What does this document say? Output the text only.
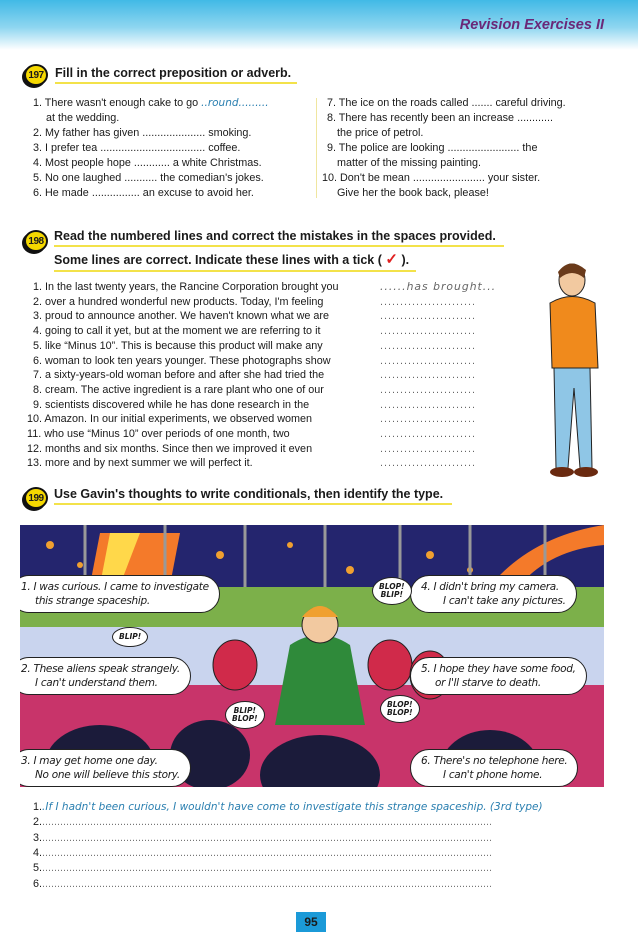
Revision Exercises II
197 Fill in the correct preposition or adverb.
1. There wasn't enough cake to go ..round.........
at the wedding.
2. My father has given ..................... smoking.
3. I prefer tea ................................... coffee.
4. Most people hope ............ a white Christmas.
5. No one laughed ........... the comedian's jokes.
6. He made ................ an excuse to avoid her.
7. The ice on the roads called ....... careful driving.
8. There has recently been an increase ............
the price of petrol.
9. The police are looking ........................ the
matter of the missing painting.
10. Don't be mean ........................ your sister.
Give her the book back, please!
198 Read the numbered lines and correct the mistakes in the spaces provided.
Some lines are correct. Indicate these lines with a tick ( ✓ ).
1. In the last twenty years, the Rancine Corporation brought you
2. over a hundred wonderful new products. Today, I'm feeling
3. proud to announce another. We haven't known what we are
4. going to call it yet, but at the moment we are referring to it
5. like “Minus 10”. This is because this product will make any
6. woman to look ten years younger. These photographs show
7. a sixty-years-old woman before and after she had tried the
8. cream. The active ingredient is a rare plant who one of our
9. scientists discovered while he has done research in the
10. Amazon. In our initial experiments, we observed women
11. who use “Minus 10” over periods of one month, two
12. months and six months. Since then we improved it even
13. more and by next summer we will perfect it.
......has brought...
........................
........................
........................
........................
........................
........................
........................
........................
........................
........................
........................
........................
199 Use Gavin's thoughts to write conditionals, then identify the type.
1. I was curious. I came to investigate
this strange spaceship.
2. These aliens speak strangely.
I can't understand them.
3. I may get home one day.
No one will believe this story.
4. I didn't bring my camera.
I can't take any pictures.
5. I hope they have some food,
or I'll starve to death.
6. There's no telephone here.
I can't phone home.
BLOP!
BLIP!
BLIP!
BLIP!
BLOP!
BLOP!
BLOP!
1..If I hadn't been curious, I wouldn't have come to investigate this strange spaceship. (3rd type)
2.......................................................................................................................................................
3.......................................................................................................................................................
4.......................................................................................................................................................
5.......................................................................................................................................................
6.......................................................................................................................................................
95
